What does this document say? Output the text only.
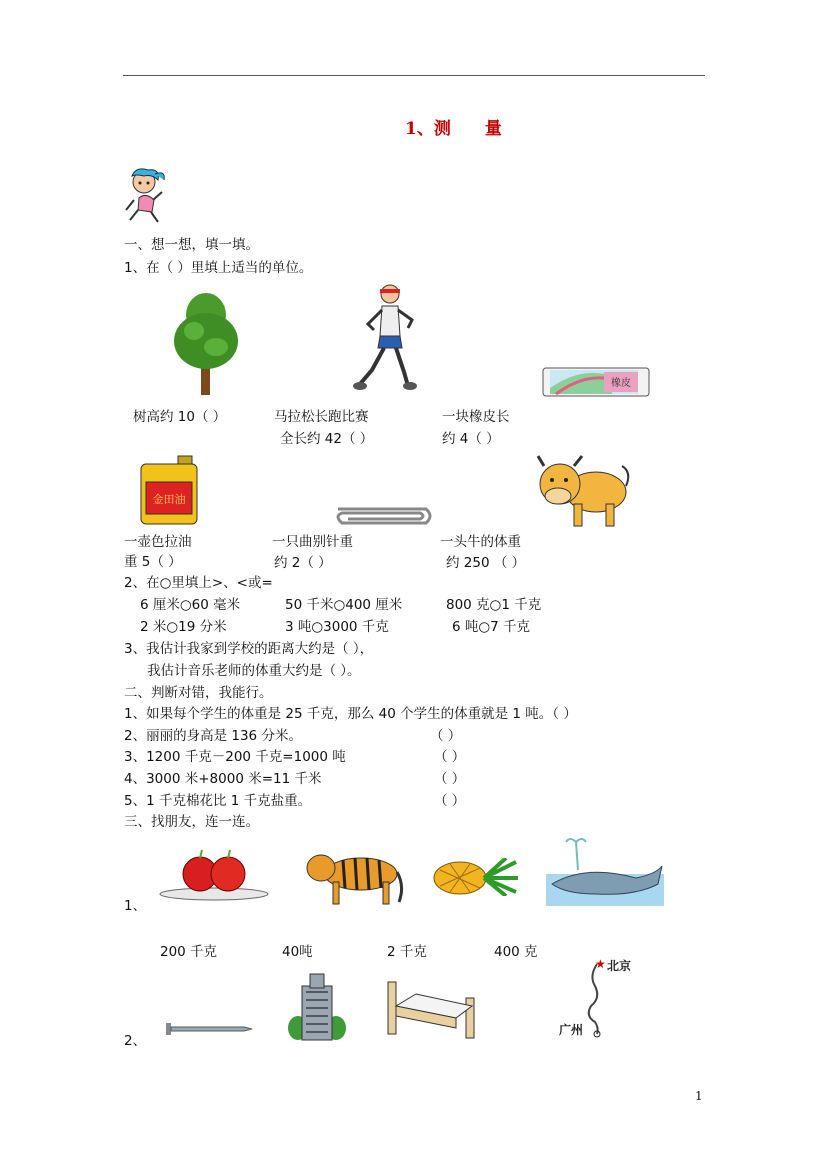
1、测 量
一、想一想，填一填。
1、在（ ）里填上适当的单位。
橡皮
树高约 10（ ）	马拉松长跑比赛
全长约 42（ ）
一块橡皮长
约 4（ ）
金田油
一壶色拉油
重 5（ ）
一只曲别针重
约 2（ ）
一头牛的体重
约 250 （ ）
2、在○里填上>、<或=
6 厘米○60 毫米	50 千米○400 厘米	800 克○1 千克
2 米○19 分米	3 吨○3000 千克	6 吨○7 千克
3、我估计我家到学校的距离大约是（ ），
我估计音乐老师的体重大约是（ ）。
二、判断对错，我能行。
1、如果每个学生的体重是 25 千克，那么 40 个学生的体重就是 1 吨。（ ）
2、丽丽的身高是 136 分米。	（ ）
3、1200 千克－200 千克=1000 吨	（ ）
4、3000 米+8000 米=11 千米	（ ）
5、1 千克棉花比 1 千克盐重。	（ ）
三、找朋友，连一连。
1、
200 千克	40吨	2 千克	400 克
2、
★ 北京
广州
1
